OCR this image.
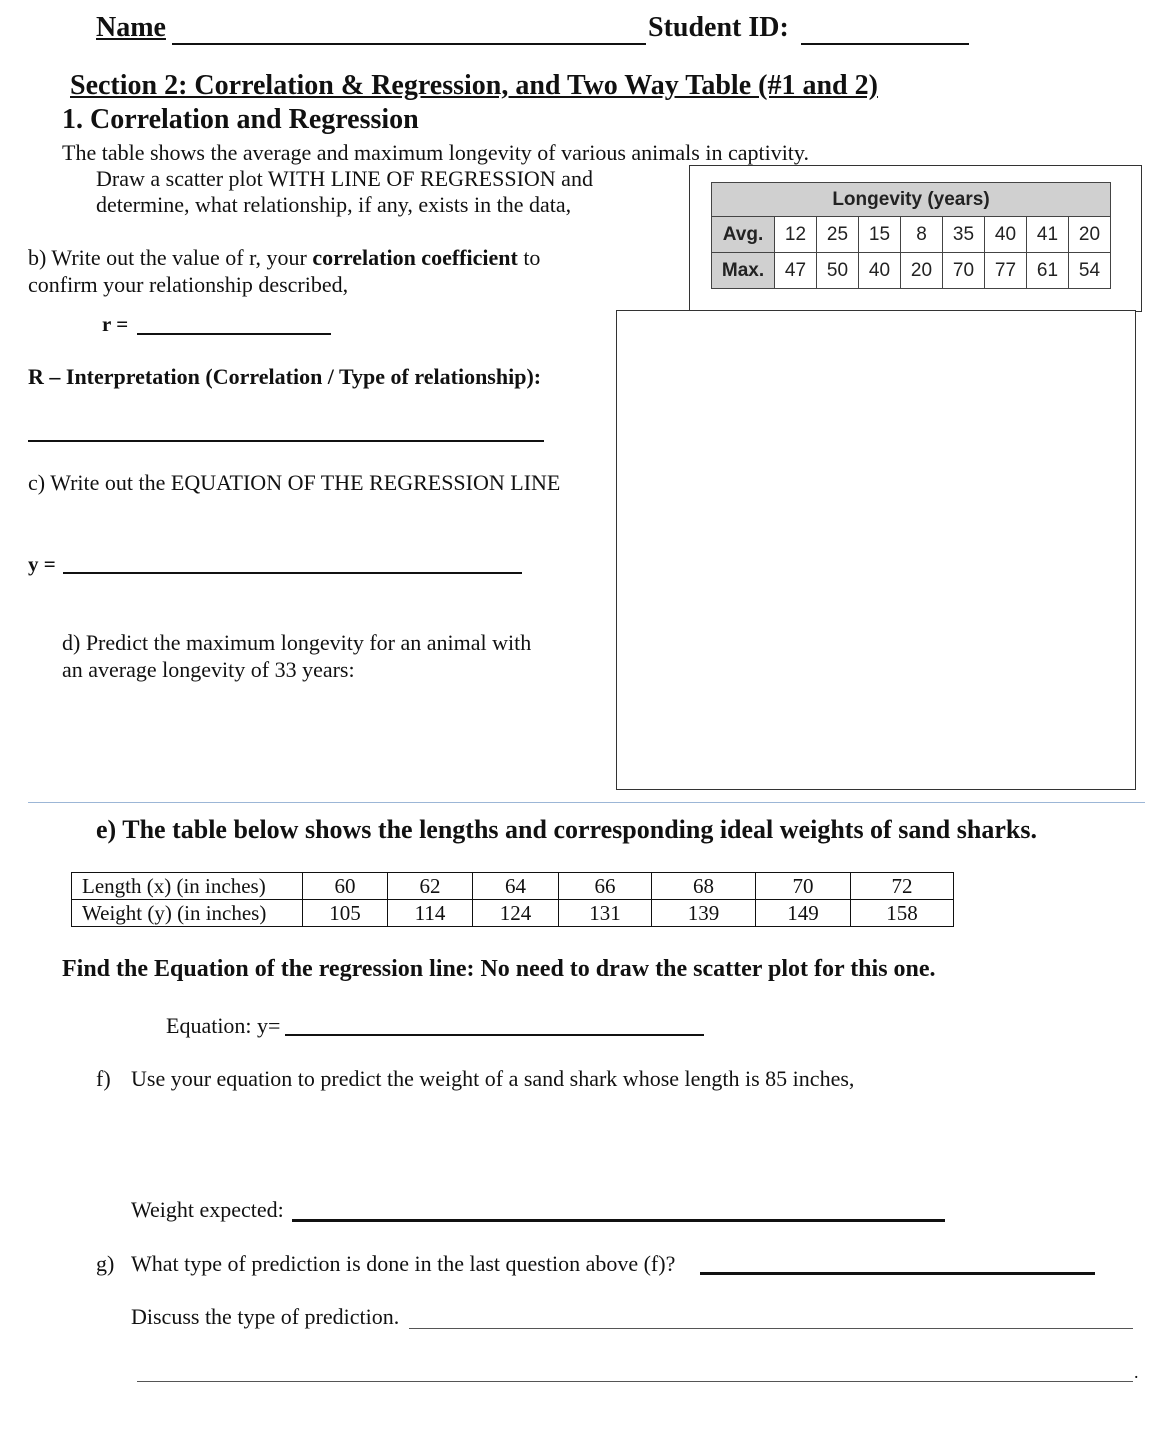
Name	Student ID:
Section 2: Correlation & Regression, and Two Way Table (#1 and 2)
1. Correlation and Regression
The table shows the average and maximum longevity of various animals in captivity.
Draw a scatter plot WITH LINE OF REGRESSION and
determine, what relationship, if any, exists in the data,
b) Write out the value of r, your correlation coefficient to
confirm your relationship described,
r =
R – Interpretation (Correlation / Type of relationship):
c) Write out the EQUATION OF THE REGRESSION LINE
y =
d) Predict the maximum longevity for an animal with
an average longevity of 33 years:
Longevity (years)								
Avg.	12	25	15	8	35	40	41	20
Max.	47	50	40	20	70	77	61	54
e) The table below shows the lengths and corresponding ideal weights of sand sharks.
Length (x) (in inches)	60	62	64	66	68	70	72
Weight (y) (in inches)	105	114	124	131	139	149	158
Find the Equation of the regression line: No need to draw the scatter plot for this one.
Equation: y=
f) Use your equation to predict the weight of a sand shark whose length is 85 inches,
Weight expected:
g) What type of prediction is done in the last question above (f)?
Discuss the type of prediction.
.
